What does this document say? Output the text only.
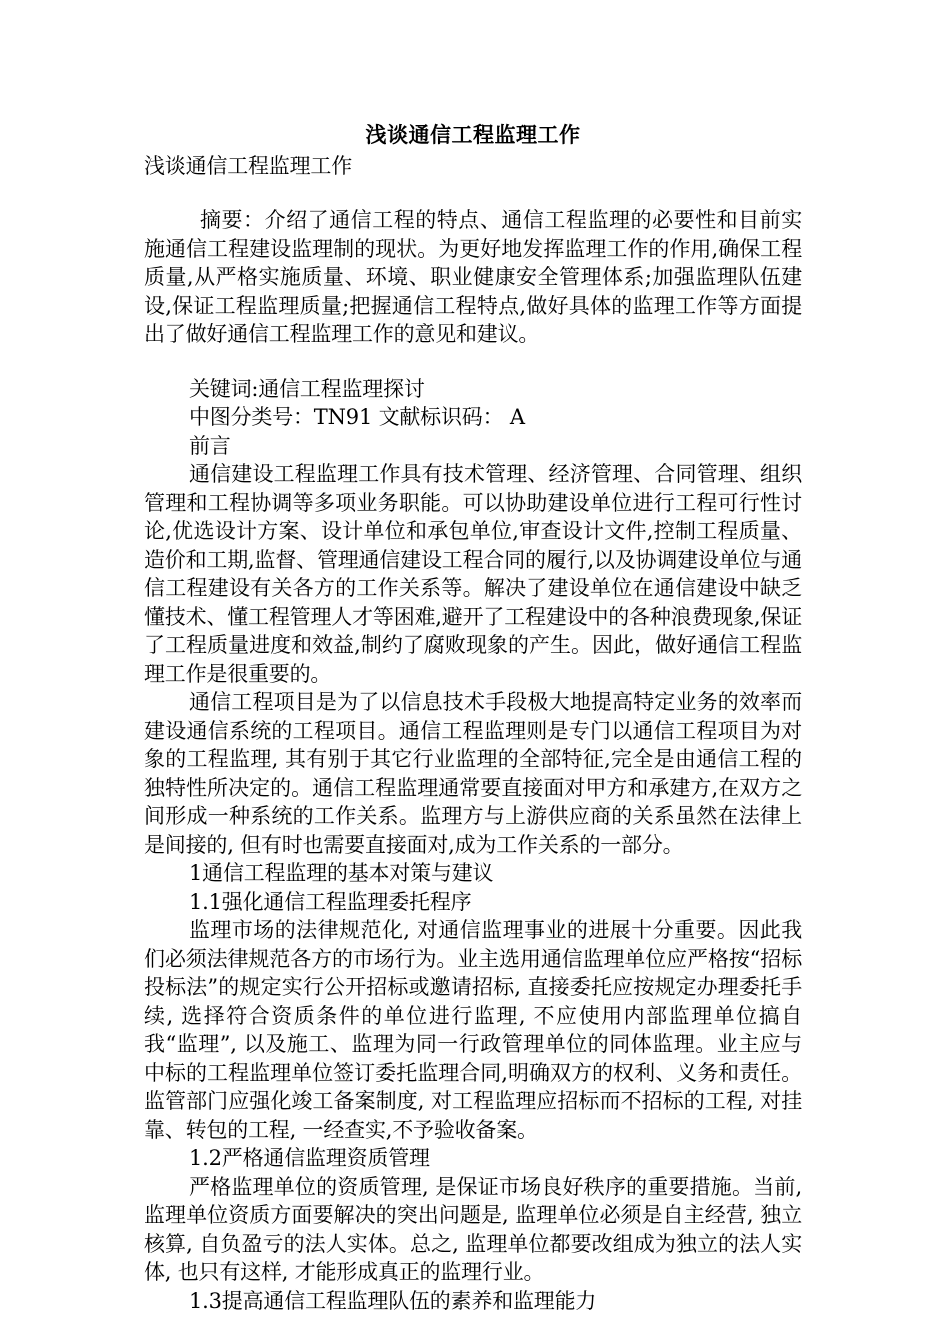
浅谈通信工程监理工作

浅谈通信工程监理工作

摘要：介绍了通信工程的特点、通信工程监理的必要性和目前实施通信工程建设监理制的现状。为更好地发挥监理工作的作用,确保工程质量,从严格实施质量、环境、职业健康安全管理体系;加强监理队伍建设,保证工程监理质量;把握通信工程特点,做好具体的监理工作等方面提出了做好通信工程监理工作的意见和建议。

关键词:通信工程监理探讨

中图分类号：TN91 文献标识码： A

前言

通信建设工程监理工作具有技术管理、经济管理、合同管理、组织管理和工程协调等多项业务职能。可以协助建设单位进行工程可行性讨论,优选设计方案、设计单位和承包单位,审查设计文件,控制工程质量、造价和工期,监督、管理通信建设工程合同的履行,以及协调建设单位与通信工程建设有关各方的工作关系等。解决了建设单位在通信建设中缺乏懂技术、懂工程管理人才等困难,避开了工程建设中的各种浪费现象,保证了工程质量进度和效益,制约了腐败现象的产生。因此，做好通信工程监理工作是很重要的。

通信工程项目是为了以信息技术手段极大地提高特定业务的效率而建设通信系统的工程项目。通信工程监理则是专门以通信工程项目为对象的工程监理, 其有别于其它行业监理的全部特征,完全是由通信工程的独特性所决定的。通信工程监理通常要直接面对甲方和承建方,在双方之间形成一种系统的工作关系。监理方与上游供应商的关系虽然在法律上是间接的, 但有时也需要直接面对,成为工作关系的一部分。

1通信工程监理的基本对策与建议

1.1强化通信工程监理委托程序

监理市场的法律规范化, 对通信监理事业的进展十分重要。因此我们必须法律规范各方的市场行为。业主选用通信监理单位应严格按“招标投标法”的规定实行公开招标或邀请招标, 直接委托应按规定办理委托手续, 选择符合资质条件的单位进行监理, 不应使用内部监理单位搞自我“监理”, 以及施工、监理为同一行政管理单位的同体监理。业主应与中标的工程监理单位签订委托监理合同,明确双方的权利、义务和责任。监管部门应强化竣工备案制度, 对工程监理应招标而不招标的工程, 对挂靠、转包的工程, 一经查实,不予验收备案。

1.2严格通信监理资质管理

严格监理单位的资质管理, 是保证市场良好秩序的重要措施。当前, 监理单位资质方面要解决的突出问题是, 监理单位必须是自主经营, 独立核算, 自负盈亏的法人实体。总之, 监理单位都要改组成为独立的法人实体, 也只有这样, 才能形成真正的监理行业。

1.3提高通信工程监理队伍的素养和监理能力
